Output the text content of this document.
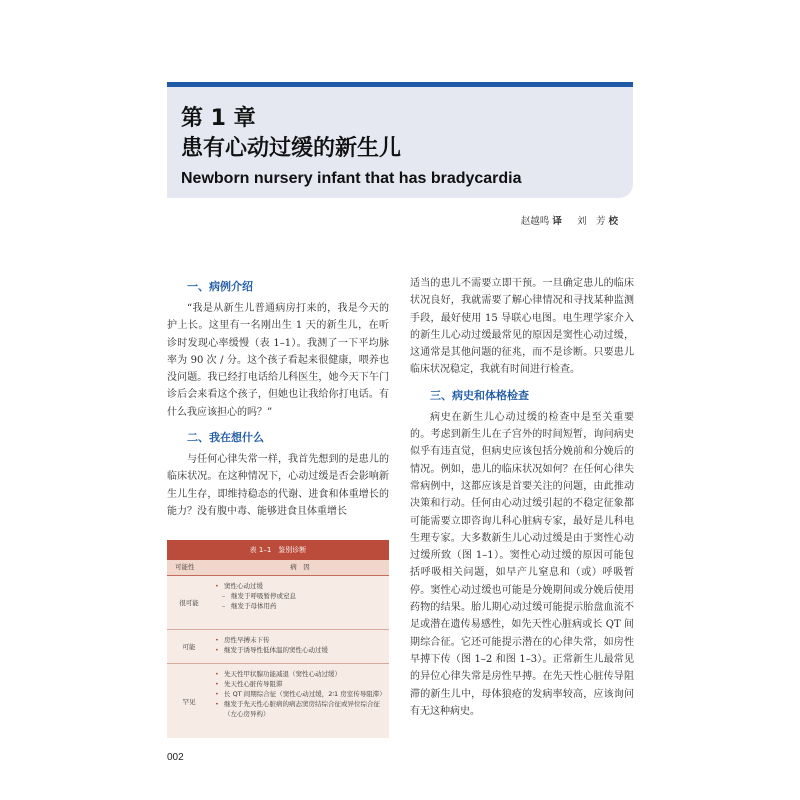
第 1 章
患有心动过缓的新生儿
Newborn nursery infant that has bradycardia
赵越鸣 译 刘　芳 校
一、病例介绍

“我是从新生儿普通病房打来的，我是今天的护上长。这里有一名刚出生 1 天的新生儿，在听诊时发现心率缓慢（表 1–1）。我测了一下平均脉率为 90 次 / 分。这个孩子看起来很健康，喂养也没问题。我已经打电话给儿科医生，她今天下午门诊后会来看这个孩子，但她也让我给你打电话。有什么我应该担心的吗？”

二、我在想什么

与任何心律失常一样，我首先想到的是患儿的临床状况。在这种情况下，心动过缓是否会影响新生儿生存，即维持稳态的代谢、进食和体重增长的能力？没有腹中毒、能够进食且体重增长

适当的患儿不需要立即干预。一旦确定患儿的临床状况良好，我就需要了解心律情况和寻找某种监测手段，最好使用 15 导联心电图。电生理学家介入的新生儿心动过缓最常见的原因是窦性心动过缓，这通常是其他问题的征兆，而不是诊断。只要患儿临床状况稳定，我就有时间进行检查。

三、病史和体格检查

病史在新生儿心动过缓的检查中是至关重要的。考虑到新生儿在子宫外的时间短暂，询问病史似乎有违直觉，但病史应该包括分娩前和分娩后的情况。例如，患儿的临床状况如何？在任何心律失常病例中，这都应该是首要关注的问题，由此推动决策和行动。任何由心动过缓引起的不稳定征象都可能需要立即咨询儿科心脏病专家，最好是儿科电生理专家。大多数新生儿心动过缓是由于窦性心动过缓所致（图 1–1）。窦性心动过缓的原因可能包括呼吸相关问题，如早产儿窒息和（或）呼吸暂停。窦性心动过缓也可能是分娩期间或分娩后使用药物的结果。胎儿期心动过缓可能提示胎盘血流不足或潜在遗传易感性，如先天性心脏病或长 QT 间期综合征。它还可能提示潜在的心律失常，如房性早搏下传（图 1–2 和图 1–3）。正常新生儿最常见的异位心律失常是房性早搏。在先天性心脏传导阻滞的新生儿中，母体狼疮的发病率较高，应该询问有无这种病史。

表 1–1　鉴别诊断
可能性	病　因
很可能
• 窦性心动过缓
– 继发于呼吸暂停或窒息
– 继发于母体用药
可能
• 房性早搏未下传
• 继发于诱导性低体温的窦性心动过缓
罕见
• 先天性甲状腺功能减退（窦性心动过缓）
• 先天性心脏传导阻滞
• 长 QT 间期综合征（窦性心动过缓，2∶1 房室传导阻滞）
• 继发于先天性心脏病的病态窦房结综合征或异位综合征（左心房异构）
002
